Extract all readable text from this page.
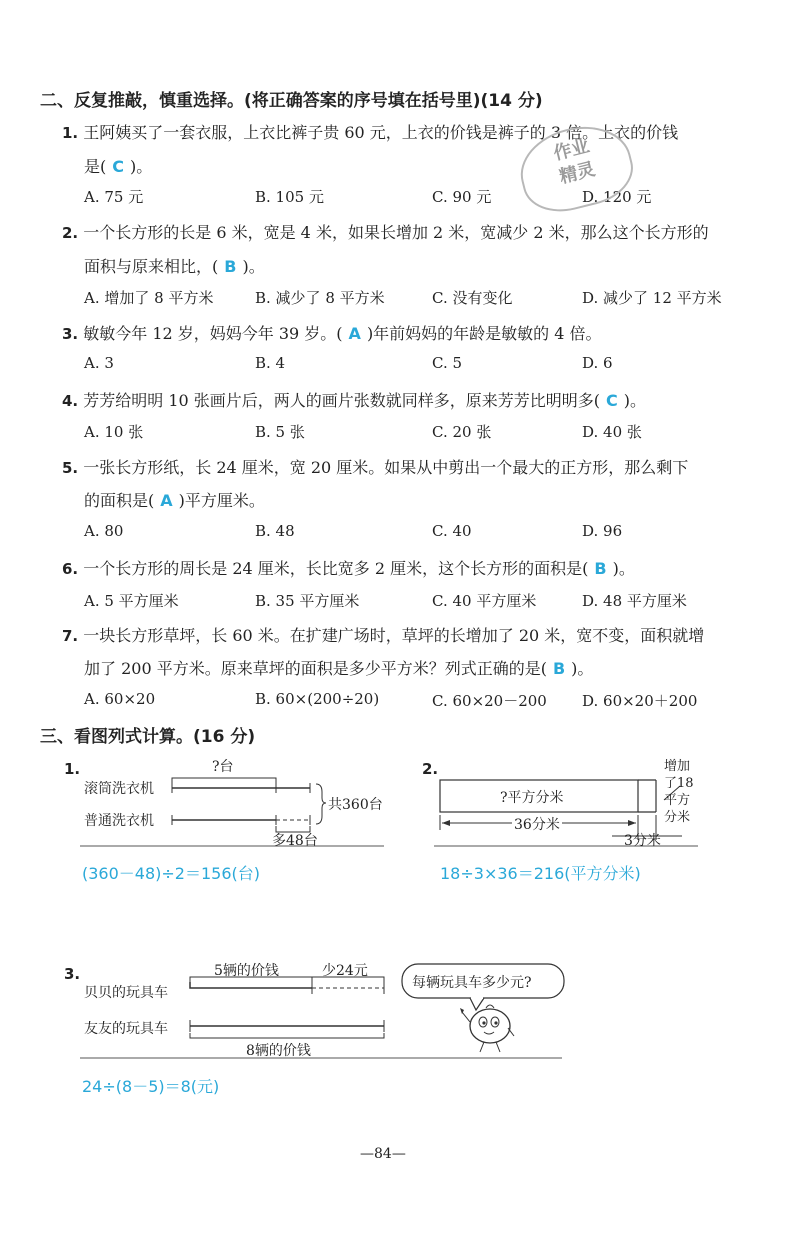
二、反复推敲，慎重选择。(将正确答案的序号填在括号里)(14 分)
1. 王阿姨买了一套衣服，上衣比裤子贵 60 元，上衣的价钱是裤子的 3 倍。上衣的价钱
是( C )。
A. 75 元	B. 105 元	C. 90 元	D. 120 元
作业
精灵
2. 一个长方形的长是 6 米，宽是 4 米，如果长增加 2 米，宽减少 2 米，那么这个长方形的
面积与原来相比，( B )。
A. 增加了 8 平方米	B. 减少了 8 平方米	C. 没有变化	D. 减少了 12 平方米
3. 敏敏今年 12 岁，妈妈今年 39 岁。( A )年前妈妈的年龄是敏敏的 4 倍。
A. 3	B. 4	C. 5	D. 6
4. 芳芳给明明 10 张画片后，两人的画片张数就同样多，原来芳芳比明明多( C )。
A. 10 张	B. 5 张	C. 20 张	D. 40 张
5. 一张长方形纸，长 24 厘米，宽 20 厘米。如果从中剪出一个最大的正方形，那么剩下
的面积是( A )平方厘米。
A. 80	B. 48	C. 40	D. 96
6. 一个长方形的周长是 24 厘米，长比宽多 2 厘米，这个长方形的面积是( B )。
A. 5 平方厘米	B. 35 平方厘米	C. 40 平方厘米	D. 48 平方厘米
7. 一块长方形草坪，长 60 米。在扩建广场时，草坪的长增加了 20 米，宽不变，面积就增
加了 200 平方米。原来草坪的面积是多少平方米？列式正确的是( B )。
A. 60×20	B. 60×(200÷20)	C. 60×20－200 D. 60×20＋200
三、看图列式计算。(16 分)
1.
滚筒洗衣机
普通洗衣机
?台
共360台
多48台
(360－48)÷2＝156(台)
2.
?平方分米
36分米
3分米
增加
了18
平方
分米
18÷3×36＝216(平方分米)
3.
贝贝的玩具车
友友的玩具车
5辆的价钱	少24元
8辆的价钱
每辆玩具车多少元?
24÷(8－5)＝8(元)
—84—
